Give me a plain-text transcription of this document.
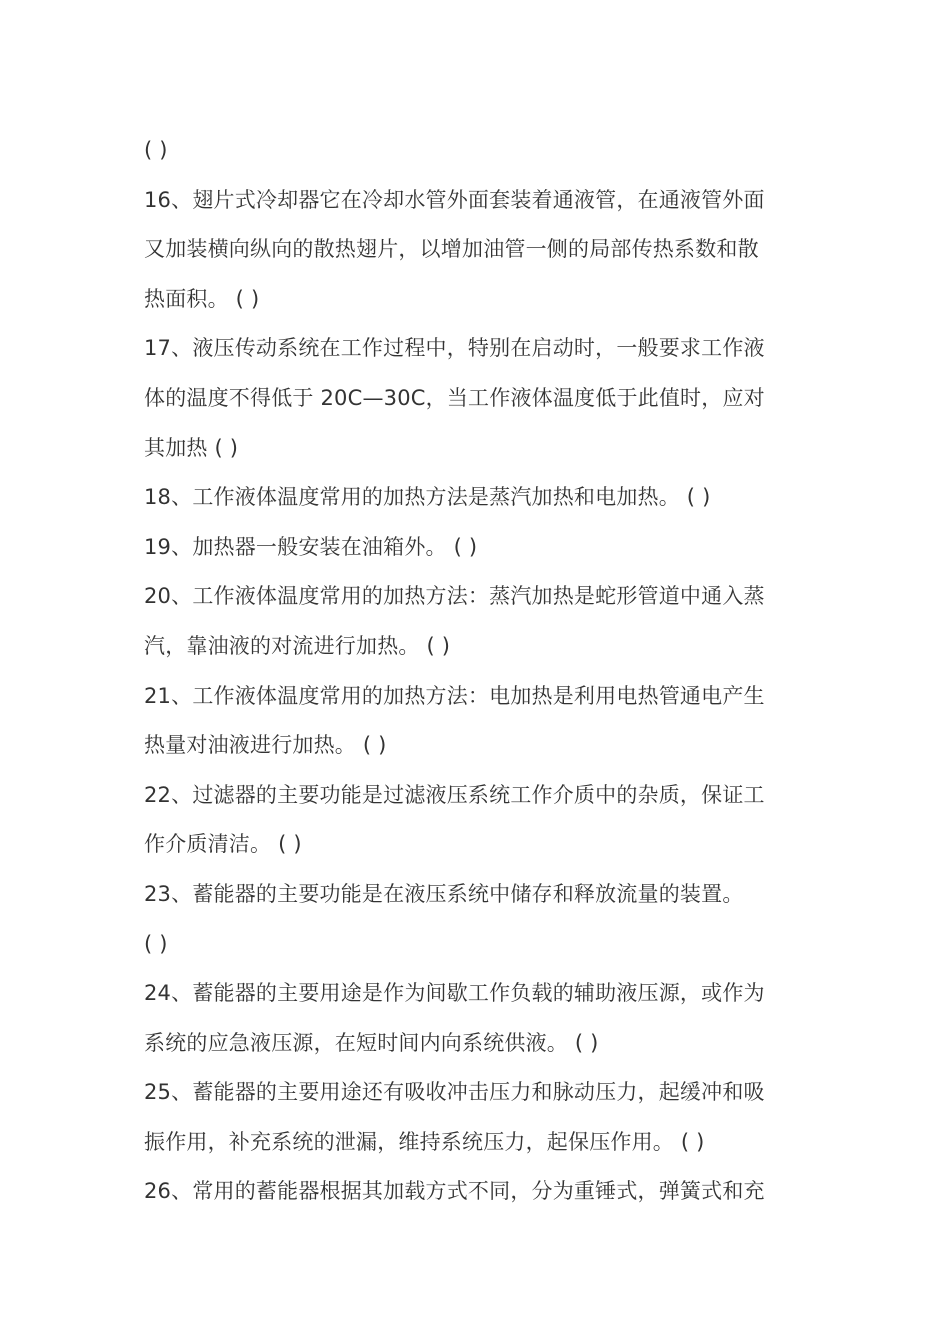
( )
16、翅片式冷却器它在冷却水管外面套装着通液管，在通液管外面
又加装横向纵向的散热翅片，以增加油管一侧的局部传热系数和散
热面积。 ( )
17、液压传动系统在工作过程中，特别在启动时，一般要求工作液
体的温度不得低于 20C—30C，当工作液体温度低于此值时，应对
其加热 ( )
18、工作液体温度常用的加热方法是蒸汽加热和电加热。 ( )
19、加热器一般安装在油箱外。 ( )
20、工作液体温度常用的加热方法：蒸汽加热是蛇形管道中通入蒸
汽，靠油液的对流进行加热。 ( )
21、工作液体温度常用的加热方法：电加热是利用电热管通电产生
热量对油液进行加热。 ( )
22、过滤器的主要功能是过滤液压系统工作介质中的杂质，保证工
作介质清洁。 ( )
23、蓄能器的主要功能是在液压系统中储存和释放流量的装置。
( )
24、蓄能器的主要用途是作为间歇工作负载的辅助液压源，或作为
系统的应急液压源，在短时间内向系统供液。 ( )
25、蓄能器的主要用途还有吸收冲击压力和脉动压力，起缓冲和吸
振作用，补充系统的泄漏，维持系统压力，起保压作用。 ( )
26、常用的蓄能器根据其加载方式不同，分为重锤式，弹簧式和充
